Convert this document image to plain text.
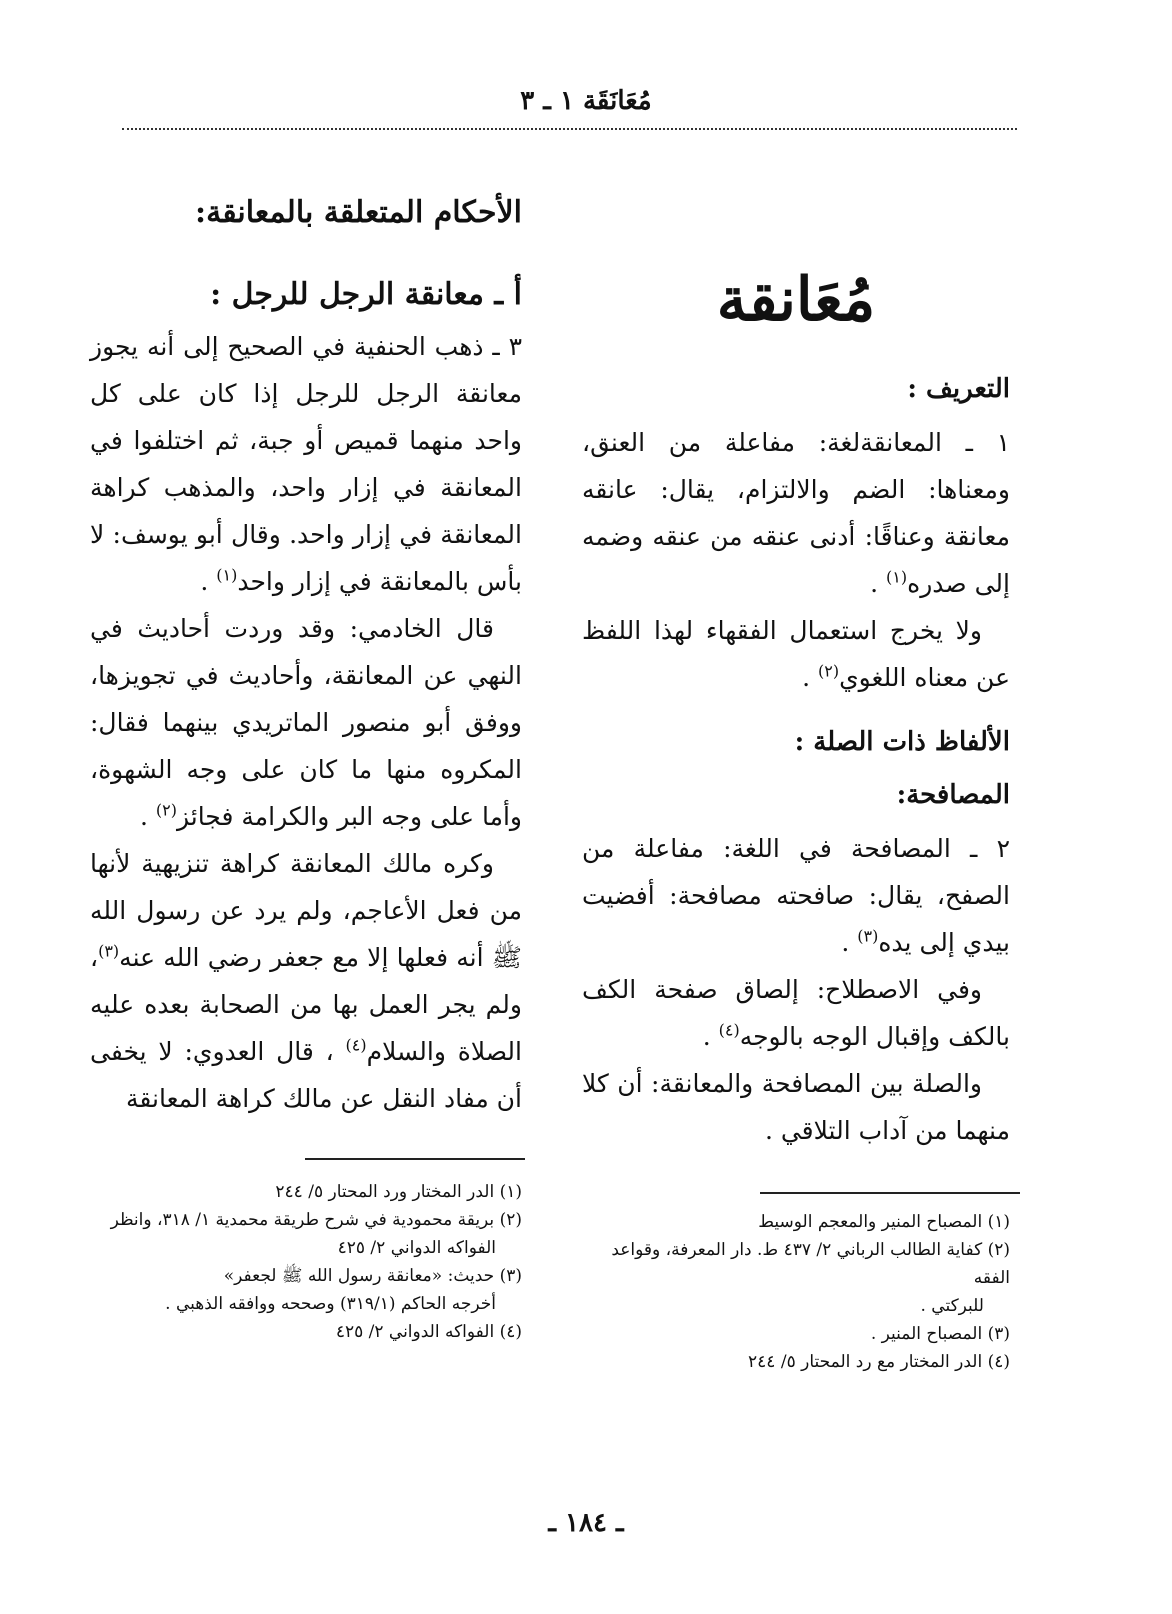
مُعَانَقَة ١ ـ ٣

مُعَانقة

التعريف :

١ ـ المعانقةلغة: مفاعلة من العنق، ومعناها: الضم والالتزام، يقال: عانقه معانقة وعناقًا: أدنى عنقه من عنقه وضمه إلى صدره$^{(١)}$ .

ولا يخرج استعمال الفقهاء لهذا اللفظ عن معناه اللغوي$^{(٢)}$ .

الألفاظ ذات الصلة :

المصافحة:

٢ ـ المصافحة في اللغة: مفاعلة من الصفح، يقال: صافحته مصافحة: أفضيت بيدي إلى يده$^{(٣)}$ .

وفي الاصطلاح: إلصاق صفحة الكف بالكف وإقبال الوجه بالوجه$^{(٤)}$ .

والصلة بين المصافحة والمعانقة: أن كلا منهما من آداب التلاقي .

الأحكام المتعلقة بالمعانقة:

أ ـ معانقة الرجل للرجل :

٣ ـ ذهب الحنفية في الصحيح إلى أنه يجوز معانقة الرجل للرجل إذا كان على كل واحد منهما قميص أو جبة، ثم اختلفوا في المعانقة في إزار واحد، والمذهب كراهة المعانقة في إزار واحد. وقال أبو يوسف: لا بأس بالمعانقة في إزار واحد$^{(١)}$ .

قال الخادمي: وقد وردت أحاديث في النهي عن المعانقة، وأحاديث في تجويزها، ووفق أبو منصور الماتريدي بينهما فقال: المكروه منها ما كان على وجه الشهوة، وأما على وجه البر والكرامة فجائز$^{(٢)}$ .

وكره مالك المعانقة كراهة تنزيهية لأنها من فعل الأعاجم، ولم يرد عن رسول الله ﷺ أنه فعلها إلا مع جعفر رضي الله عنه$^{(٣)}$، ولم يجر العمل بها من الصحابة بعده عليه الصلاة والسلام$^{(٤)}$ ، قال العدوي: لا يخفى أن مفاد النقل عن مالك كراهة المعانقة

(١) الدر المختار ورد المحتار ٥/ ٢٤٤

(٢) بريقة محمودية في شرح طريقة محمدية ١/ ٣١٨، وانظر

الفواكه الدواني ٢/ ٤٢٥

(٣) حديث: «معانقة رسول الله ﷺ لجعفر»

أخرجه الحاكم (٣١٩/١) وصححه ووافقه الذهبي .

(٤) الفواكه الدواني ٢/ ٤٢٥

(١) المصباح المنير والمعجم الوسيط

(٢) كفاية الطالب الرباني ٢/ ٤٣٧ ط. دار المعرفة، وقواعد الفقه

للبركتي .

(٣) المصباح المنير .

(٤) الدر المختار مع رد المحتار ٥/ ٢٤٤

ـ ١٨٤ ـ
